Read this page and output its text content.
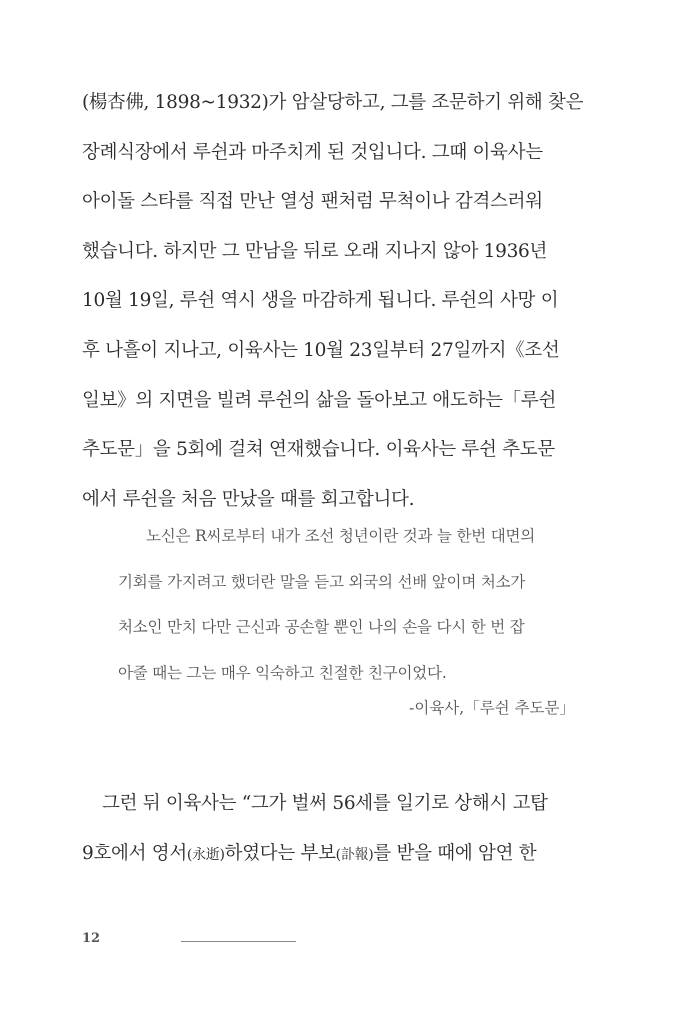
(楊杏佛, 1898~1932)가 암살당하고, 그를 조문하기 위해 찾은
장례식장에서 루쉰과 마주치게 된 것입니다. 그때 이육사는
아이돌 스타를 직접 만난 열성 팬처럼 무척이나 감격스러워
했습니다. 하지만 그 만남을 뒤로 오래 지나지 않아 1936년
10월 19일, 루쉰 역시 생을 마감하게 됩니다. 루쉰의 사망 이
후 나흘이 지나고, 이육사는 10월 23일부터 27일까지《조선
일보》의 지면을 빌려 루쉰의 삶을 돌아보고 애도하는「루쉰
추도문」을 5회에 걸쳐 연재했습니다. 이육사는 루쉰 추도문
에서 루쉰을 처음 만났을 때를 회고합니다.
노신은 R씨로부터 내가 조선 청년이란 것과 늘 한번 대면의
기회를 가지려고 했더란 말을 듣고 외국의 선배 앞이며 처소가
처소인 만치 다만 근신과 공손할 뿐인 나의 손을 다시 한 번 잡
아줄 때는 그는 매우 익숙하고 친절한 친구이었다.
-이육사,「루쉰 추도문」
그런 뒤 이육사는 “그가 벌써 56세를 일기로 상해시 고탑
9호에서 영서(永逝)하였다는 부보(訃報)를 받을 때에 암연 한
12
